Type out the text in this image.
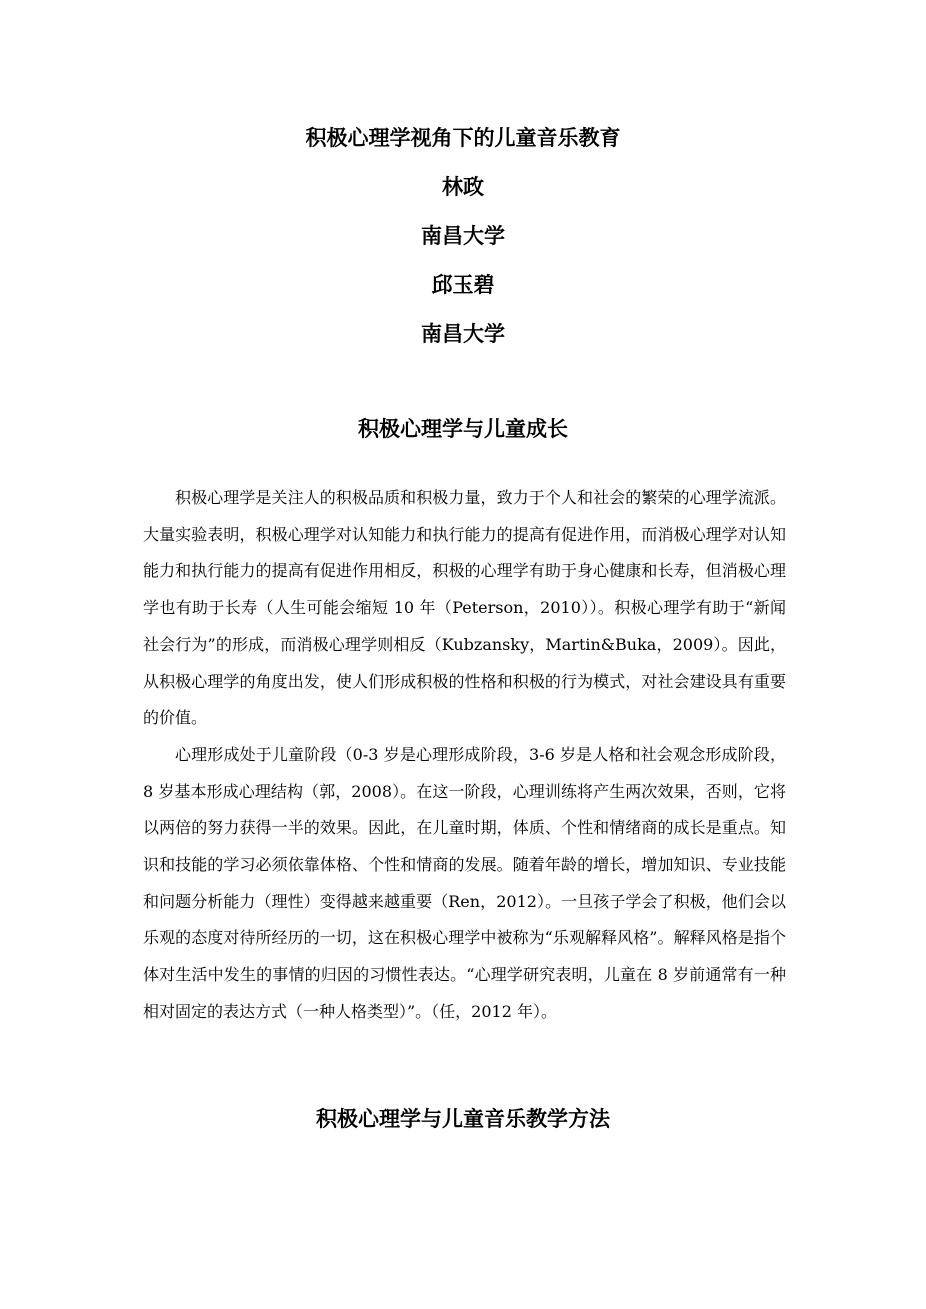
积极心理学视角下的儿童音乐教育
林政
南昌大学
邱玉碧
南昌大学
积极心理学与儿童成长

积极心理学是关注人的积极品质和积极力量，致力于个人和社会的繁荣的心理学流派。大量实验表明，积极心理学对认知能力和执行能力的提高有促进作用，而消极心理学对认知能力和执行能力的提高有促进作用相反，积极的心理学有助于身心健康和长寿，但消极心理学也有助于长寿（人生可能会缩短 10 年（Peterson，2010））。积极心理学有助于“新闻社会行为”的形成，而消极心理学则相反（Kubzansky，Martin&Buka，2009）。因此，从积极心理学的角度出发，使人们形成积极的性格和积极的行为模式，对社会建设具有重要的价值。

心理形成处于儿童阶段（0-3 岁是心理形成阶段，3-6 岁是人格和社会观念形成阶段，8 岁基本形成心理结构（郭，2008）。在这一阶段，心理训练将产生两次效果，否则，它将以两倍的努力获得一半的效果。因此，在儿童时期，体质、个性和情绪商的成长是重点。知识和技能的学习必须依靠体格、个性和情商的发展。随着年龄的增长，增加知识、专业技能和问题分析能力（理性）变得越来越重要（Ren，2012）。一旦孩子学会了积极，他们会以乐观的态度对待所经历的一切，这在积极心理学中被称为“乐观解释风格”。解释风格是指个体对生活中发生的事情的归因的习惯性表达。“心理学研究表明，儿童在 8 岁前通常有一种相对固定的表达方式（一种人格类型）”。（任，2012 年）。

积极心理学与儿童音乐教学方法
